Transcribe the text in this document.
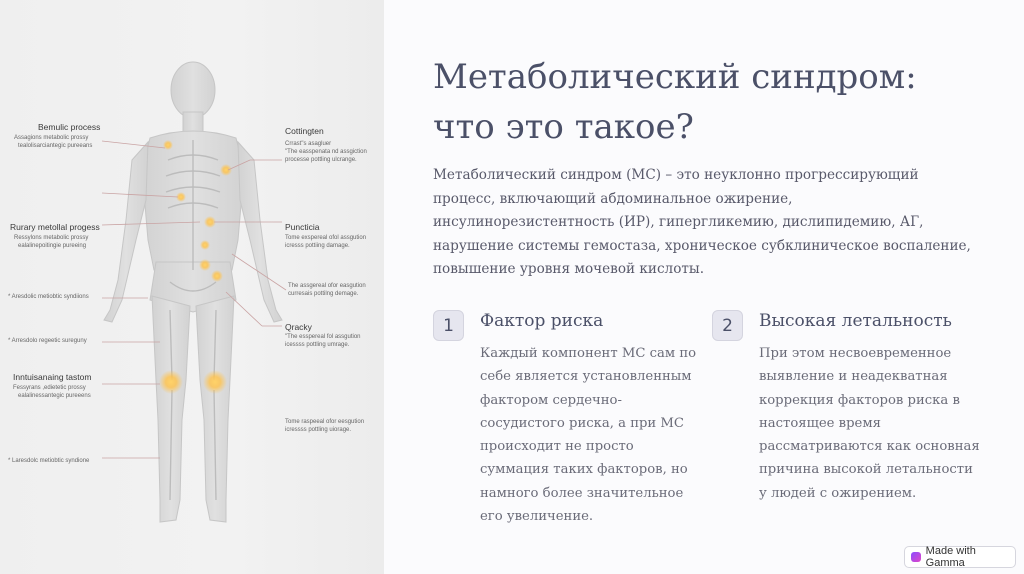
Bemulic process
Assagions metabolic prossy
tealolisarciantegic pureeans
Rurary metollal progess
Ressylons metabolic prossy
ealalinepoitingie pureeing
* Aresdolic metiobtic syndiions
* Arresdolo regeetic sureguny
Inntuisanaing tastom
Fessyrans ,edietetic prossy
ealalinessantegic pureeens
* Laresdolc metiobtic syndione
Cottingten
Crrast"s asagluer
"The easspenata nd assgiction
processe pottling ulcrange.
Puncticia
Tome exspereal ofol assgution
icresss pottiing damage.
The assgereal ofor easgution
curresais pottilng demage.
Qracky
"The esspereal fol assgution
icessss pottling umrage.
Tome raspeeal ofor eesgution
icressss pottling uiorage.
Метаболический синдром: что это такое?

Метаболический синдром (МС) – это неуклонно прогрессирующий процесс, включающий абдоминальное ожирение, инсулинорезистентность (ИР), гипергликемию, дислипидемию, АГ, нарушение системы гемостаза, хроническое субклиническое воспаление, повышение уровня мочевой кислоты.

1	Фактор риска

Каждый компонент МС сам по себе является установленным фактором сердечно-сосудистого риска, а при МС происходит не просто суммация таких факторов, но намного более значительное его увеличение.

2	Высокая летальность

При этом несвоевременное выявление и неадекватная коррекция факторов риска в настоящее время рассматриваются как основная причина высокой летальности у людей с ожирением.

Made with Gamma
